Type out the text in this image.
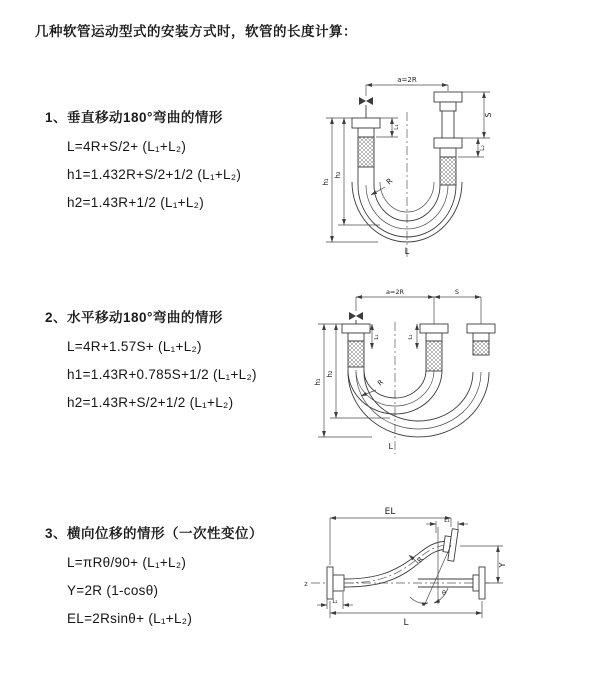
几种软管运动型式的安装方式时，软管的长度计算：
1、垂直移动180°弯曲的情形
L=4R+S/2+ (L₁+L₂)
h1=1.432R+S/2+1/2 (L₁+L₂)
h2=1.43R+1/2 (L₁+L₂)
a=2R
R
L
h₁
h₂
L₁
S
L₂
2、水平移动180°弯曲的情形
L=4R+1.57S+ (L₁+L₂)
h1=1.43R+0.785S+1/2 (L₁+L₂)
h2=1.43R+S/2+1/2 (L₁+L₂)
a=2R	S
R
L
h₁
h₂
L₁	L₂
3、横向位移的情形（一次性变位）
L=πRθ/90+ (L₁+L₂)
Y=2R (1-cosθ)
EL=2Rsinθ+ (L₁+L₂)
z
EL
L₁
Y
L
L₂
R
θ
